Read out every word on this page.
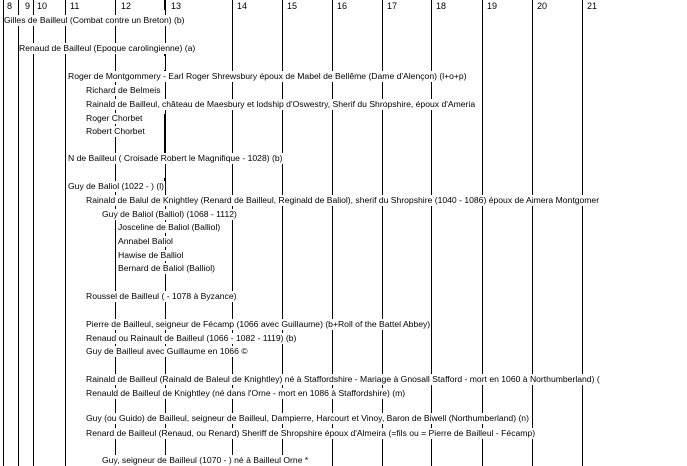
8 9 10	11	12	13	14	15	16	17	18	19	20	21
Gilles de Bailleul (Combat contre un Breton) (b)
Renaud de Bailleul (Epoque carolingienne) (a)
Roger de Montgommery - Earl Roger Shrewsbury époux de Mabel de Bellême (Dame d'Alençon) (l+o+p)
Richard de Belmeis
Rainald de Bailleul, château de Maesbury et lodship d'Oswestry, Sherif du Shropshire, époux d'Ameria
Roger Chorbet
Robert Chorbet
N de Bailleul ( Croisade Robert le Magnifique - 1028) (b)
Guy de Baliol (1022 - ) (l)
Rainald de Balul de Knightley (Renard de Bailleul, Reginald de Baliol), sherif du Shropshire (1040 - 1086) époux de Aimera Montgomer
Guy de Baliol (Balliol) (1068 - 1112)
Josceline de Baliol (Balliol)
Annabel Baliol
Hawise de Balliol
Bernard de Baliol (Balliol)
Roussel de Bailleul ( - 1078 à Byzance)
Pierre de Bailleul, seigneur de Fécamp (1066 avec Guillaume) (b+Roll of the Battel Abbey)
Renaud ou Rainault de Bailleul (1066 - 1082 - 1119) (b)
Guy de Bailleul avec Guillaume en 1066 ©
Rainald de Bailleul (Rainald de Baleul de Knightley) né à Staffordshire - Mariage à Gnosall Stafford - mort en 1060 à Northumberland) (
Renauld de Bailleul de Knightley (né dans l'Orne - mort en 1086 à Staffordshire) (m)
Guy (ou Guido) de Bailleul, seigneur de Bailleul, Dampierre, Harcourt et Vinoy, Baron de Biwell (Northumberland) (n)
Renard de Bailleul (Renaud, ou Renard) Sheriff de Shropshire époux d'Almeira (=fils ou = Pierre de Bailleul - Fécamp)
Guy, seigneur de Bailleul (1070 - ) né à Bailleul Orne *
